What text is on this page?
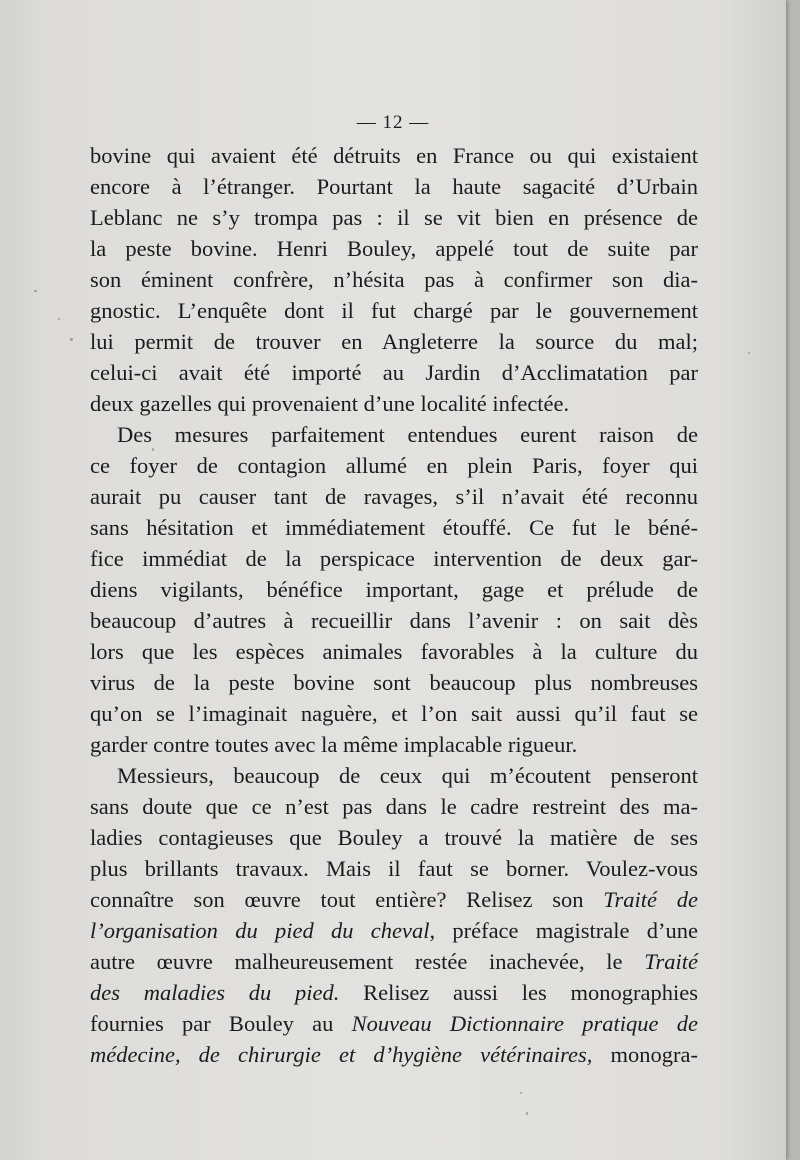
— 12 —
bovine qui avaient été détruits en France ou qui existaient
encore à l’étranger. Pourtant la haute sagacité d’Urbain
Leblanc ne s’y trompa pas : il se vit bien en présence de
la peste bovine. Henri Bouley, appelé tout de suite par
son éminent confrère, n’hésita pas à confirmer son dia-
gnostic. L’enquête dont il fut chargé par le gouvernement
lui permit de trouver en Angleterre la source du mal;
celui-ci avait été importé au Jardin d’Acclimatation par
deux gazelles qui provenaient d’une localité infectée.
Des mesures parfaitement entendues eurent raison de
ce foyer de contagion allumé en plein Paris, foyer qui
aurait pu causer tant de ravages, s’il n’avait été reconnu
sans hésitation et immédiatement étouffé. Ce fut le béné-
fice immédiat de la perspicace intervention de deux gar-
diens vigilants, bénéfice important, gage et prélude de
beaucoup d’autres à recueillir dans l’avenir : on sait dès
lors que les espèces animales favorables à la culture du
virus de la peste bovine sont beaucoup plus nombreuses
qu’on se l’imaginait naguère, et l’on sait aussi qu’il faut se
garder contre toutes avec la même implacable rigueur.
Messieurs, beaucoup de ceux qui m’écoutent penseront
sans doute que ce n’est pas dans le cadre restreint des ma-
ladies contagieuses que Bouley a trouvé la matière de ses
plus brillants travaux. Mais il faut se borner. Voulez-vous
connaître son œuvre tout entière? Relisez son Traité de
l’organisation du pied du cheval, préface magistrale d’une
autre œuvre malheureusement restée inachevée, le Traité
des maladies du pied. Relisez aussi les monographies
fournies par Bouley au Nouveau Dictionnaire pratique de
médecine, de chirurgie et d’hygiène vétérinaires, monogra-
